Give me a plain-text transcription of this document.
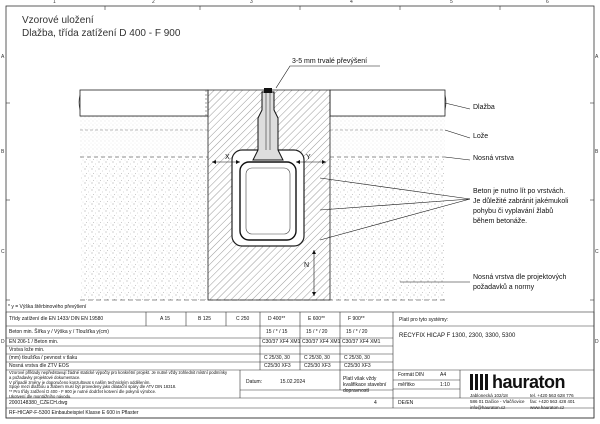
1	2	3	4	5	6
A
B
C
D
A
B
C
D
Vzorové uložení
Dlažba, třída zatížení D 400 - F 900
3-5 mm trvalé převýšení
Dlažba
Lože
Nosná vrstva
Beton je nutno lít po vrstvách.
Je důležité zabránit jakémukoli
pohybu či vyplavání žlabů
během betonáže.
Nosná vrstva dle projektových
požadavků a normy
X	Y
N
* y = Výška štěrbinového převýšení
Třídy zatížení dle EN 1433/ DIN EN 19580	A 15	B 125	C 250	D 400**	E 600**	F 900**
Beton min. Šířka y / Výška y / Tloušťka y(cm)	15 / * / 15	15 / * / 20	15 / * / 20
EN 206-1 / Beton min.	C30/37 XF4 XM1 C30/37 XF4 XM1 C30/37 XF4 XM1
Vrstva lože min.
(mm) tloušťka / pevnost v tlaku	C 25/30, 30	C 25/30, 30	C 25/30, 30
Nosná vrstva dle ZTV EOS	C25/30 XF3	C25/30 XF3	C25/30 XF3
Platí pro tyto systémy:
RECYFIX HICAP F 1300, 2300, 3300, 5300
Vzorové příklady nepředstavují žádné statické výpočty pro konkrétní projekt. Je nutné vždy zohlednit místní podmínky
a požadavky projektové dokumentace.
V případě změny je doporučeno konzultovat s naším technickým oddělením.
Spoje mezi dlažbou a žlabem musí být provedeny jako dilatační spáry dle ATV DIN 18318.
** Pro třídy zatížení D 400 - F 900 je nutné dodržet kotvení dle pokynů výrobce.
Ukotvení dle montážního návodu.
Datum:	15.02.2024	Platí však vždy kvalifikace stavební dopravností
Formát DIN	A4
měřítko	1:10
2000148380_CZECH.dwg	4	DE/EN
RF-HICAP-F-5300 Einbaubeispiel Klasse E 600 in Pflaster
hauraton
Jablonecká 102/18
586 01 Dačice - Vlačňovice
info@hauraton.cz
tel. +420 563 628 776
fax: +420 563 428 401
www.hauraton.cz
